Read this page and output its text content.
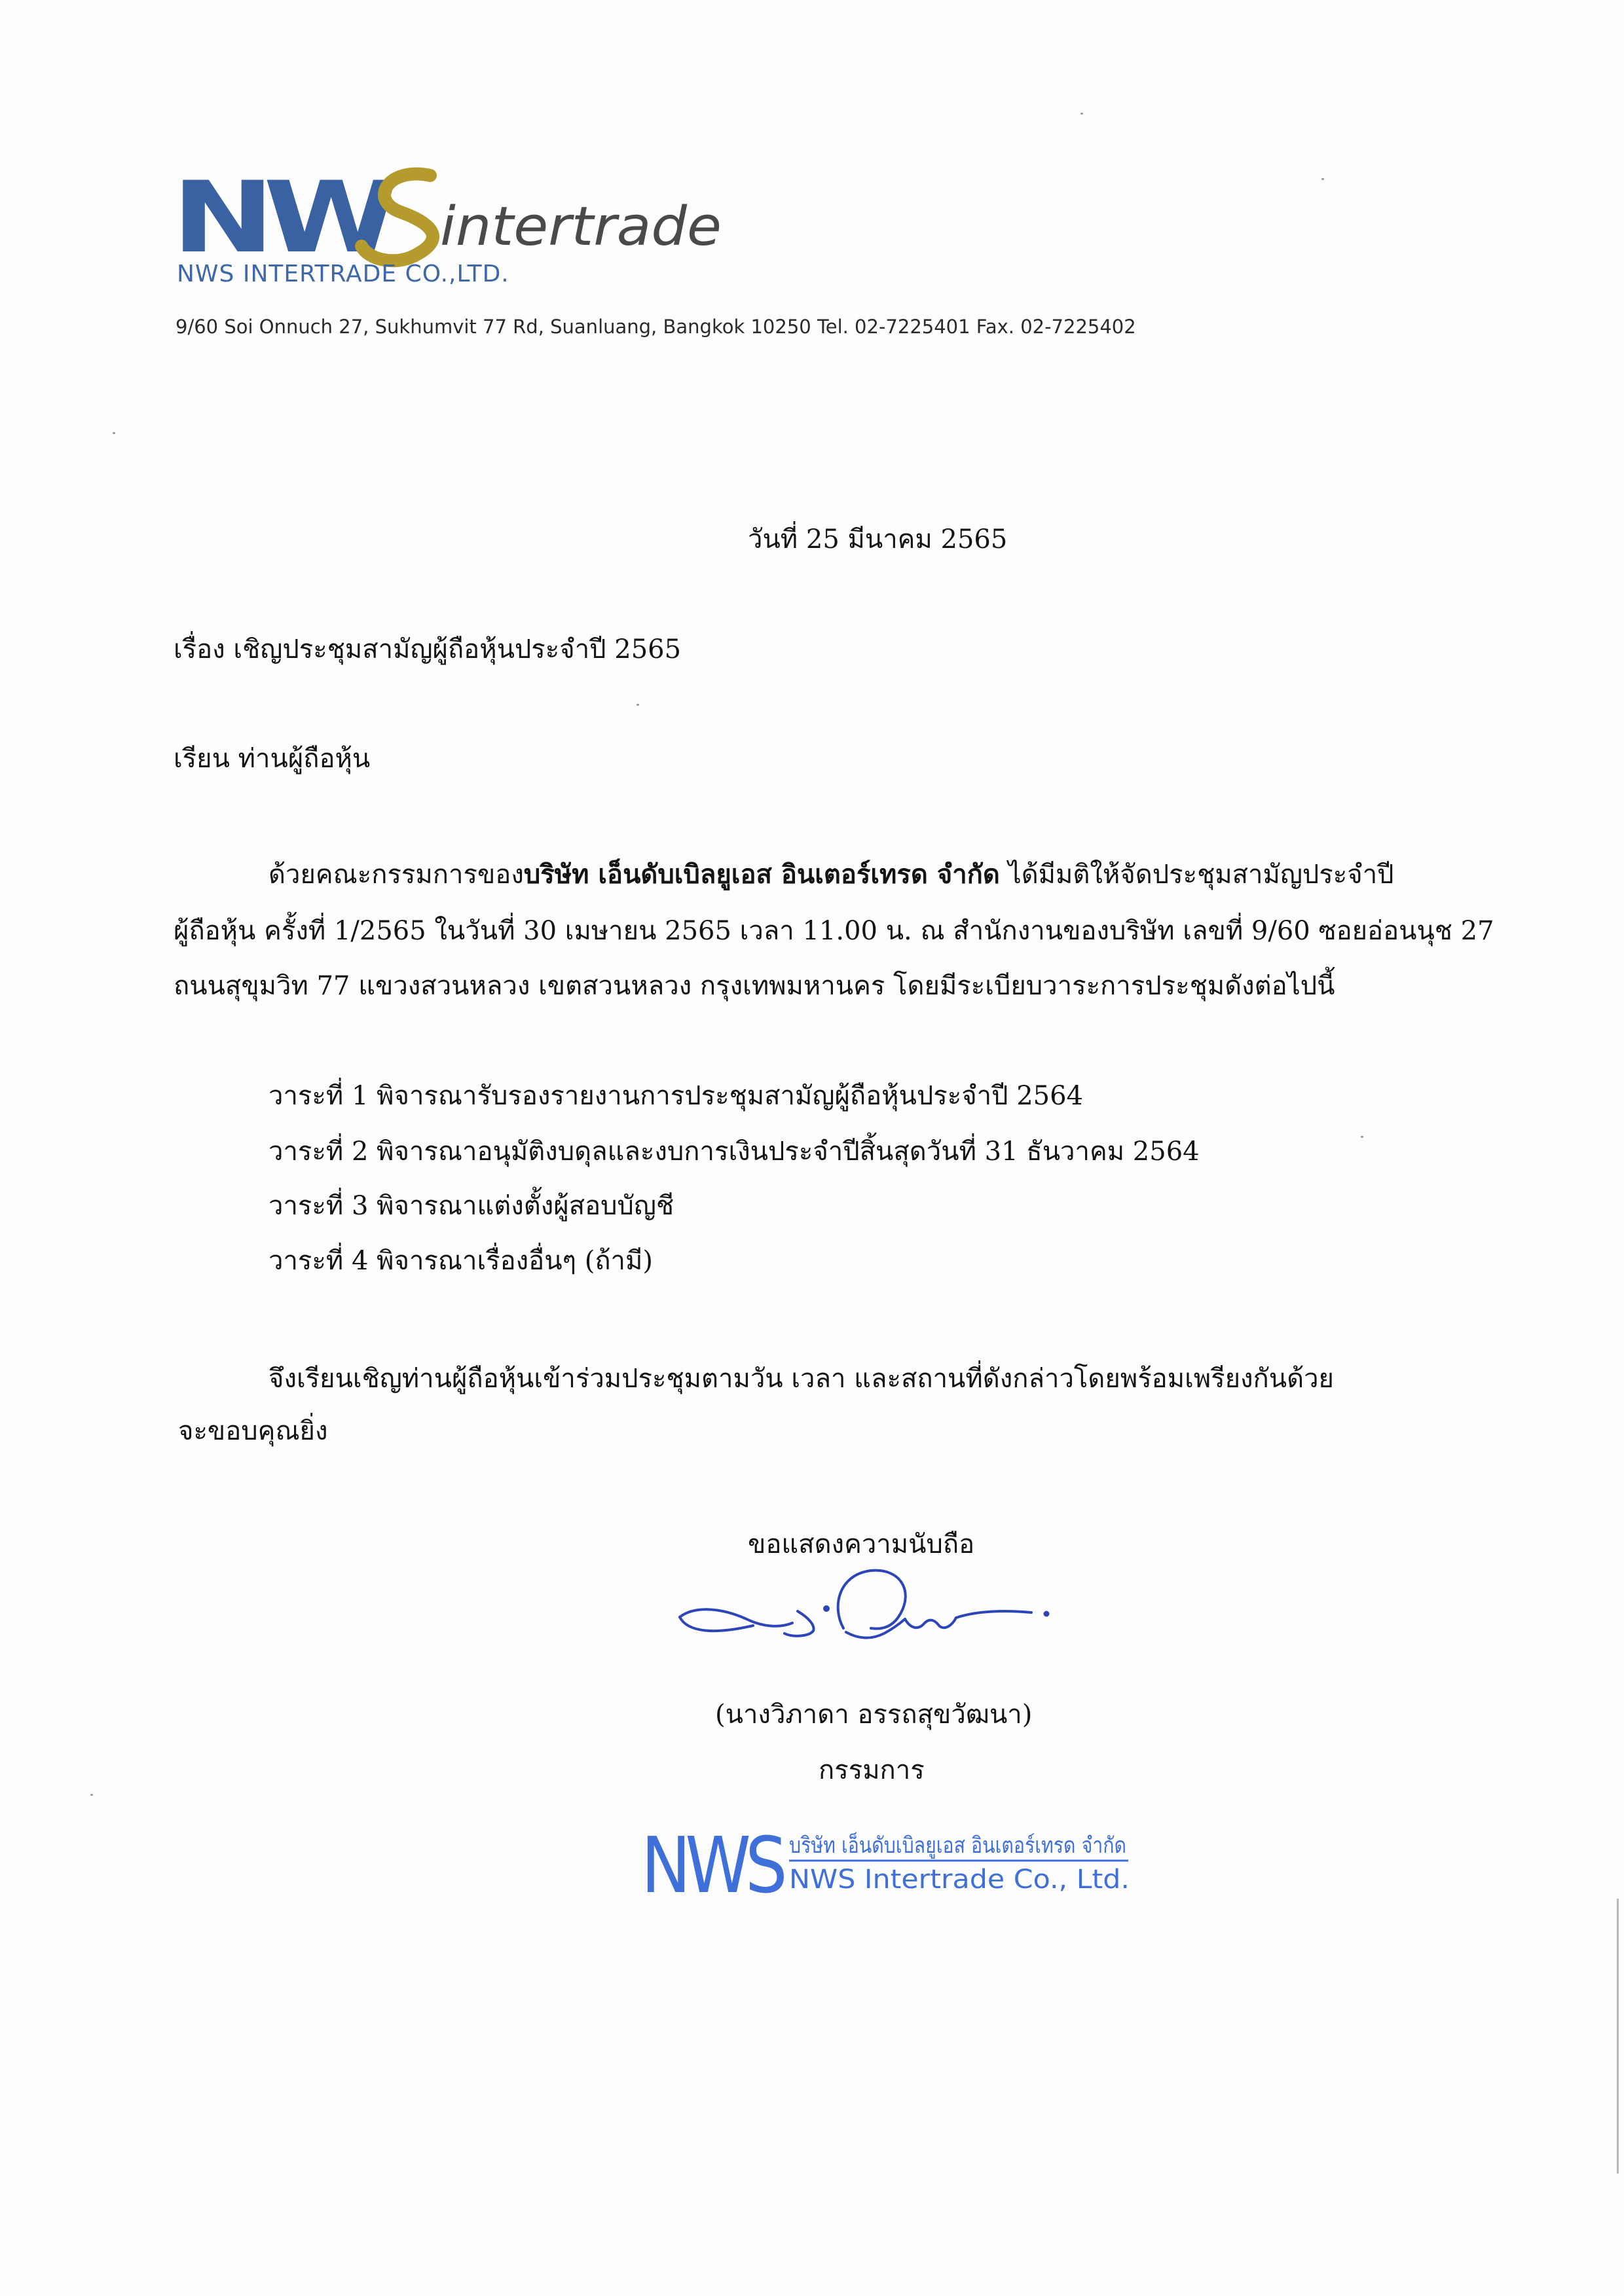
NW intertrade
NWS INTERTRADE CO.,LTD.
9/60 Soi Onnuch 27, Sukhumvit 77 Rd, Suanluang, Bangkok 10250 Tel. 02-7225401 Fax. 02-7225402
วันที่ 25 มีนาคม 2565
เรื่อง เชิญประชุมสามัญผู้ถือหุ้นประจำปี 2565
เรียน ท่านผู้ถือหุ้น
ด้วยคณะกรรมการของบริษัท เอ็นดับเบิลยูเอส อินเตอร์เทรด จำกัด ได้มีมติให้จัดประชุมสามัญประจำปี
ผู้ถือหุ้น ครั้งที่ 1/2565 ในวันที่ 30 เมษายน 2565 เวลา 11.00 น. ณ สำนักงานของบริษัท เลขที่ 9/60 ซอยอ่อนนุช 27
ถนนสุขุมวิท 77 แขวงสวนหลวง เขตสวนหลวง กรุงเทพมหานคร โดยมีระเบียบวาระการประชุมดังต่อไปนี้
วาระที่ 1 พิจารณารับรองรายงานการประชุมสามัญผู้ถือหุ้นประจำปี 2564
วาระที่ 2 พิจารณาอนุมัติงบดุลและงบการเงินประจำปีสิ้นสุดวันที่ 31 ธันวาคม 2564
วาระที่ 3 พิจารณาแต่งตั้งผู้สอบบัญชี
วาระที่ 4 พิจารณาเรื่องอื่นๆ (ถ้ามี)
จึงเรียนเชิญท่านผู้ถือหุ้นเข้าร่วมประชุมตามวัน เวลา และสถานที่ดังกล่าวโดยพร้อมเพรียงกันด้วย
จะขอบคุณยิ่ง
ขอแสดงความนับถือ
(นางวิภาดา อรรถสุขวัฒนา)
กรรมการ
NWS บริษัท เอ็นดับเบิลยูเอส อินเตอร์เทรด จำกัด
NWS Intertrade Co., Ltd.
